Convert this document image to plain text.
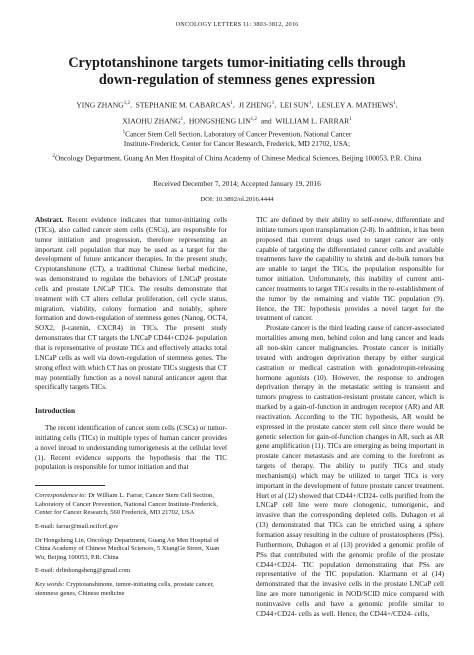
ONCOLOGY LETTERS 11: 3803-3812, 2016
Cryptotanshinone targets tumor-initiating cells through
down-regulation of stemness genes expression
YING ZHANG$^{1,2}$,  STEPHANIE M. CABARCAS$^1$,  JI ZHENG$^1$,  LEI SUN$^1$,  LESLEY A. MATHEWS$^1$,
XIAOHU ZHANG$^1$,  HONGSHENG LIN$^{1,2}$  and  WILLIAM L. FARRAR$^1$
$^1$Cancer Stem Cell Section, Laboratory of Cancer Prevention, National Cancer
Institute-Frederick, Center for Cancer Research, Frederick, MD 21702, USA;
$^2$Oncology Department, Guang An Men Hospital of China Academy of Chinese Medical Sciences, Beijing 100053, P.R. China
Received December 7, 2014; Accepted January 19, 2016
DOI: 10.3892/ol.2016.4444

Abstract. Recent evidence indicates that tumor-initiating cells (TICs), also called cancer stem cells (CSCs), are responsible for tumor initiation and progression, therefore representing an important cell population that may be used as a target for the development of future anticancer therapies. In the present study, Cryptotanshinone (CT), a traditional Chinese herbal medicine, was demonstrated to regulate the behaviors of LNCaP prostate cells and prostate LNCaP TICs. The results demonstrate that treatment with CT alters cellular proliferation, cell cycle status, migration, viability, colony formation and notably, sphere formation and down-regulation of stemness genes (Nanog, OCT4, SOX2, β-catenin, CXCR4) in TICs. The present study demonstrates that CT targets the LNCaP CD44+CD24- population that is representative of prostate TICs and effectively attacks total LNCaP cells as well via down-regulation of stemness genes. The strong effect with which CT has on prostate TICs suggests that CT may potentially function as a novel natural anticancer agent that specifically targets TICs.

Introduction

The recent identification of cancer stem cells (CSCs) or tumor-initiating cells (TICs) in multiple types of human cancer provides a novel inroad to understanding tumorigenesis at the cellular level (1). Recent evidence supports the hypothesis that the TIC population is responsible for tumor initiation and that

Correspondence to: Dr William L. Farrar, Cancer Stem Cell Section, Laboratory of Cancer Prevention, National Cancer Institute-Frederick, Center for Cancer Research, 560 Frederick, MD 21702, USA

E-mail: farrar@mail.ncifcrf.gov

Dr Hongsheng Lin, Oncology Department, Guang An Men Hospital of China Academy of Chinese Medical Sciences, 5 XiangGe Street, Xuan Wu, Beijing 100053, P.R. China

E-mail: drlinhongsheng@gmail.com

Key words: Cryptotanshinone, tumor-initiating cells, prostate cancer, stemness genes, Chinese medicine

TIC are defined by their ability to self-renew, differentiate and initiate tumors upon transplantation (2-8). In addition, it has been proposed that current drugs used to target cancer are only capable of targeting the differentiated cancer cells and available treatments have the capability to shrink and de-bulk tumors but are unable to target the TICs, the population responsible for tumor initiation. Unfortunately, this inability of current anti-cancer treatments to target TICs results in the re-establishment of the tumor by the remaining and viable TIC population (9). Hence, the TIC hypothesis provides a novel target for the treatment of cancer.

Prostate cancer is the third leading cause of cancer-associated mortalities among men, behind colon and lung cancer and leads all non-skin cancer malignancies. Prostate cancer is initially treated with androgen deprivation therapy by either surgical castration or medical castration with gonadotropin-releasing hormone agonists (10). However, the response to androgen deprivation therapy in the metastatic setting is transient and tumors progress to castration-resistant prostate cancer, which is marked by a gain-of-function in androgen receptor (AR) and AR reactivation. According to the TIC hypothesis, AR would be expressed in the prostate cancer stem cell since there would be genetic selection for gain-of-function changes in AR, such as AR gene amplification (11). TICs are emerging as being important in prostate cancer metastasis and are coming to the forefront as targets of therapy. The ability to purify TICs and study mechanism(s) which may be utilized to target TICs is very important in the development of future prostate cancer treatment. Hurt et al (12) showed that CD44+/CD24- cells purified from the LNCaP cell line were more clonogenic, tumorigenic, and invasive than the corresponding depleted cells. Duhagon et al (13) demonstrated that TICs can be enriched using a sphere formation assay resulting in the culture of prostatospheres (PSs). Furthermore, Duhagon et al (13) provided a genomic profile of PSs that contributed with the genomic profile of the prostate CD44+CD24- TIC population demonstrating that PSs are representative of the TIC population. Klarmann et al (14) demonstrated that the invasive cells in the prostate LNCaP cell line are more tumorigenic in NOD/SCID mice compared with noninvasive cells and have a genomic profile similar to CD44+CD24- cells as well. Hence, the CD44+/CD24- cells,
